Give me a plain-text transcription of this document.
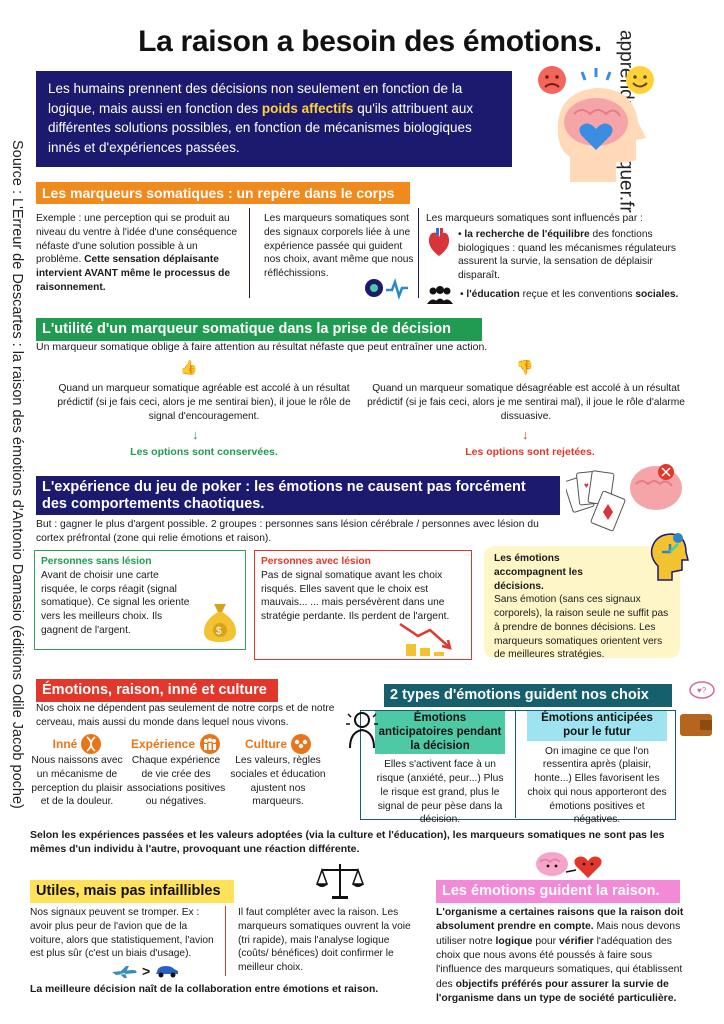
La raison a besoin des émotions.
Source : L'Erreur de Descartes : la raison des émotions d'Antonio Damasio (éditions Odile Jacob poche)
Les humains prennent des décisions non seulement en fonction de la logique, mais aussi en fonction des poids affectifs qu'ils attribuent aux différentes solutions possibles, en fonction de mécanismes biologiques innés et d'expériences passées.
Les marqueurs somatiques : un repère dans le corps
Exemple : une perception qui se produit au niveau du ventre à l'idée d'une conséquence néfaste d'une solution possible à un problème. Cette sensation déplaisante intervient AVANT même le processus de raisonnement.
Les marqueurs somatiques sont des signaux corporels liée à une expérience passée qui guident nos choix, avant même que nous réfléchissions.
Les marqueurs somatiques sont influencés par :
• la recherche de l'équilibre des fonctions biologiques : quand les mécanismes régulateurs assurent la survie, la sensation de déplaisir disparaît.
• l'éducation reçue et les conventions sociales.
L'utilité d'un marqueur somatique dans la prise de décision
Un marqueur somatique oblige à faire attention au résultat néfaste que peut entraîner une action.
👍	👎
Quand un marqueur somatique agréable est accolé à un résultat prédictif (si je fais ceci, alors je me sentirai bien), il joue le rôle de signal d'encouragement.
↓
Les options sont conservées.
Quand un marqueur somatique désagréable est accolé à un résultat prédictif (si je fais ceci, alors je me sentirai mal), il joue le rôle d'alarme dissuasive.
↓
Les options sont rejetées.
L'expérience du jeu de poker : les émotions ne causent pas forcément des comportements chaotiques.
♥
But : gagner le plus d'argent possible. 2 groupes : personnes sans lésion cérébrale / personnes avec lésion du cortex préfrontal (zone qui relie émotions et raison).
Personnes sans lésion
Avant de choisir une carte risquée, le corps réagit (signal somatique). Ce signal les oriente vers les meilleurs choix. Ils gagnent de l'argent.	$
Personnes avec lésion
Pas de signal somatique avant les choix risqués. Elles savent que le choix est mauvais... ... mais persévèrent dans une stratégie perdante. Ils perdent de l'argent.
Les émotions accompagnent les décisions.
Sans émotion (sans ces signaux corporels), la raison seule ne suffit pas à prendre de bonnes décisions. Les marqueurs somatiques orientent vers de meilleures stratégies.
Émotions, raison, inné et culture
Nos choix ne dépendent pas seulement de notre corps et de notre cerveau, mais aussi du monde dans lequel nous vivons.
Inné
Nous naissons avec un mécanisme de perception du plaisir et de la douleur.
Expérience
Chaque expérience de vie crée des associations positives ou négatives.
Culture
Les valeurs, règles sociales et éducation ajustent nos marqueurs.
2 types d'émotions guident nos choix
Émotions anticipatoires pendant la décision
Elles s'activent face à un risque (anxiété, peur...) Plus le risque est grand, plus le signal de peur pèse dans la décision.
Émotions anticipées pour le futur
On imagine ce que l'on ressentira après (plaisir, honte...) Elles favorisent les choix qui nous apporteront des émotions positives et négatives.
♥?
Selon les expériences passées et les valeurs adoptées (via la culture et l'éducation), les marqueurs somatiques ne sont pas les mêmes d'un individu à l'autre, provoquant une réaction différente.
Utiles, mais pas infaillibles
Nos signaux peuvent se tromper. Ex : avoir plus peur de l'avion que de la voiture, alors que statistiquement, l'avion est plus sûr (c'est un biais d'usage).
>
Il faut compléter avec la raison. Les marqueurs somatiques ouvrent la voie (tri rapide), mais l'analyse logique (coûts/ bénéfices) doit confirmer le meilleur choix.
La meilleure décision naît de la collaboration entre émotions et raison.
Les émotions guident la raison.
L'organisme a certaines raisons que la raison doit absolument prendre en compte. Mais nous devons utiliser notre logique pour vérifier l'adéquation des choix que nous avons été poussés à faire sous l'influence des marqueurs somatiques, qui établissent des objectifs préférés pour assurer la survie de l'organisme dans un type de société particulière.
